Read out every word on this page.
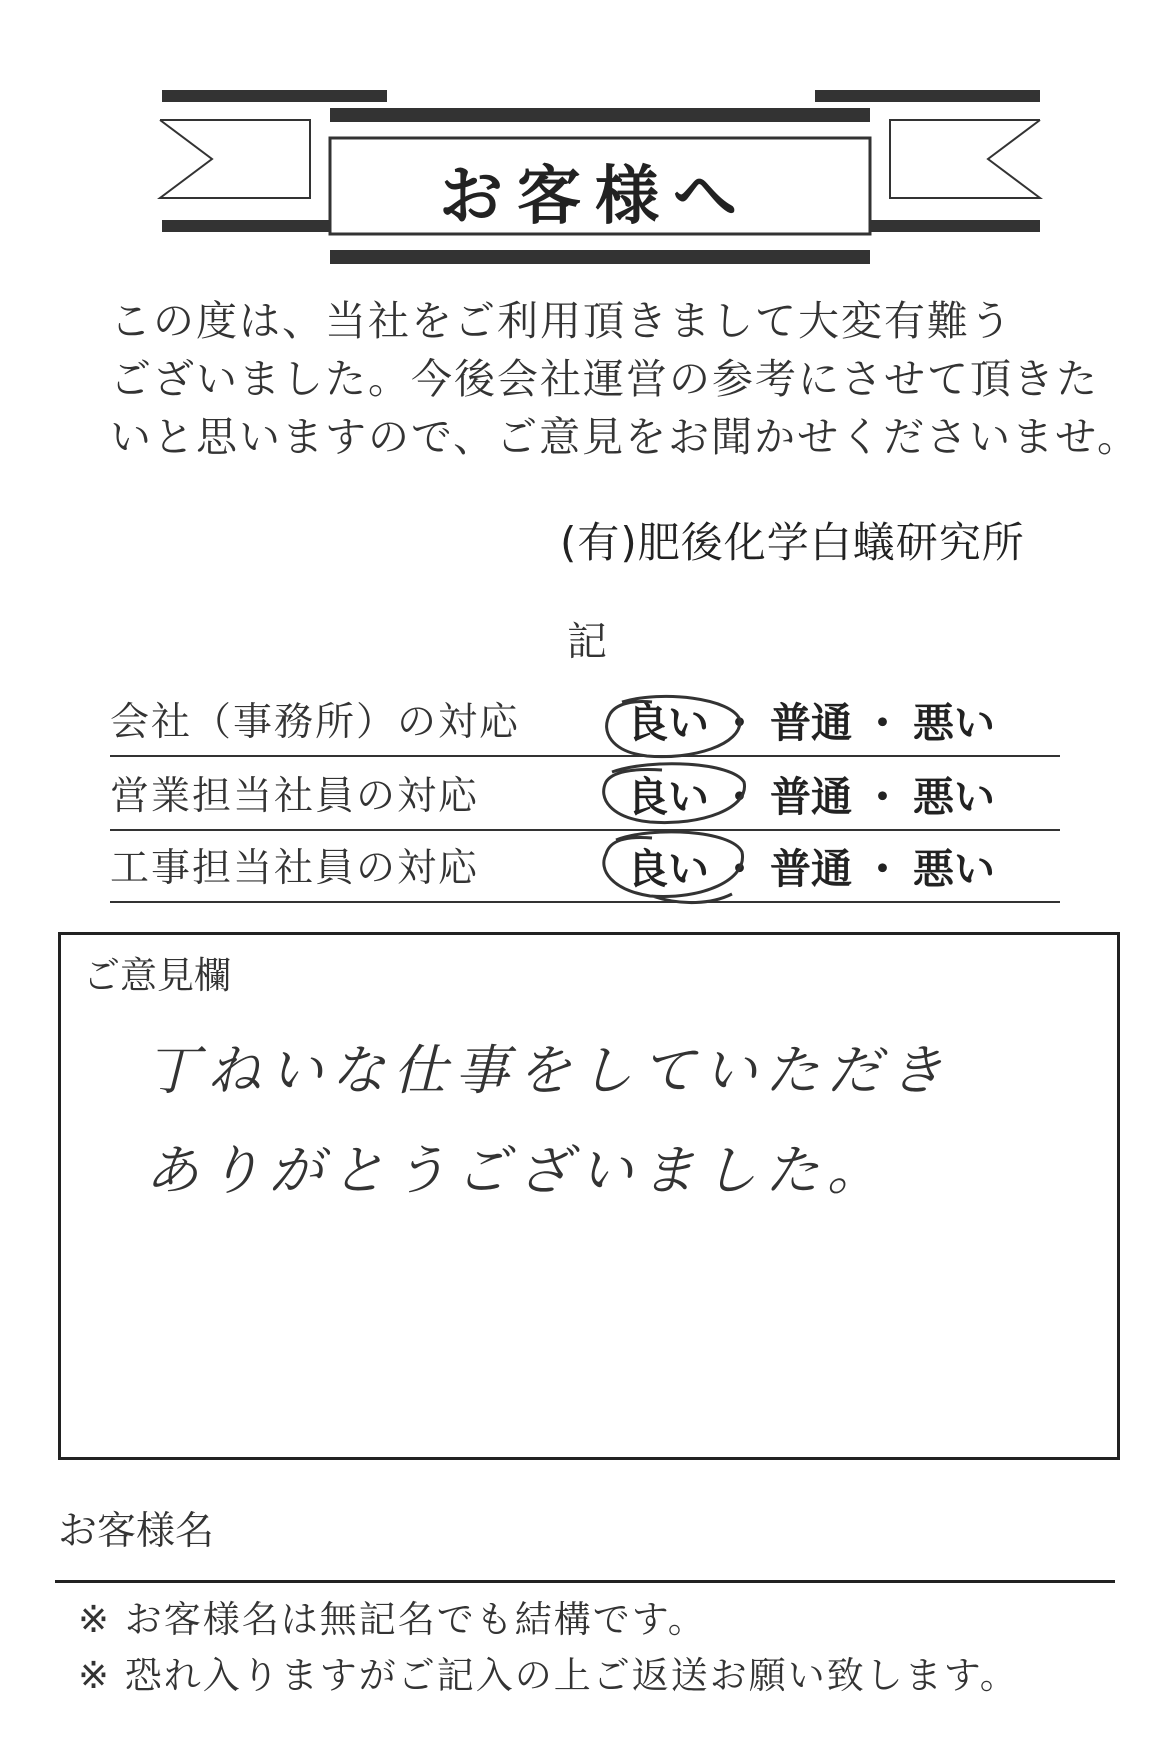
お客様へ
この度は、当社をご利用頂きまして大変有難う
ございました。今後会社運営の参考にさせて頂きた
いと思いますので、ご意見をお聞かせくださいませ。
(有)肥後化学白蟻研究所
記
会社（事務所）の対応	良い ・ 普通 ・ 悪い
営業担当社員の対応	良い ・ 普通 ・ 悪い
工事担当社員の対応	良い ・ 普通 ・ 悪い
ご意見欄
丁ねいな仕事をしていただき
ありがとうございました。
お客様名
※ お客様名は無記名でも結構です。
※ 恐れ入りますがご記入の上ご返送お願い致します。
